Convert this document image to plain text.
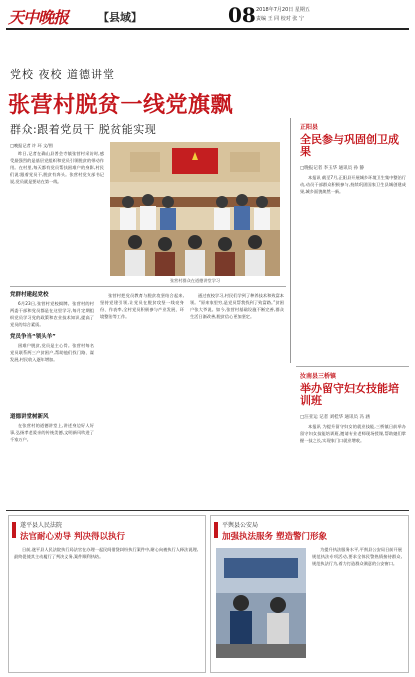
天中晚报	【县域】	08 2018年7月20日 星期五
责编 王 同 校对 张 宁
党校 夜校 道德讲堂
张营村脱贫一线党旗飘
群众:跟着党员干 脱贫能实现

□晚报记者 许 环 文/图

昨日,记者在确山县普会寺镇张营村采访时,感受最强烈的是基层党组织和党员引领脱贫的带动作用。在村里,每天都有党员帮扶困难户的身影,村民们说:跟着党员干,脱贫有奔头。张营村党支部书记说,党员就是要站在第一线。

张营村群众在道德讲堂学习
党群村建起党校

6月23日,张营村党校揭牌。张营村的村两委干部和党员都是在这里学习,每月定期组织党员学习党的政策和农业技术知识,提高了党员的综合素质。

党员争当“领头羊”

困难户脱贫,党员是主心骨。张营村每名党员联系两三户贫困户,帮助他们找门路、谋发展,村民收入逐年增加。

道德讲堂树新风

在张营村的道德讲堂上,讲述身边好人好事,弘扬孝老爱亲的传统美德,文明新风吹进了千家万户。

张营村把党员教育与脱贫攻坚结合起来,坚持党建引领,让党员在脱贫攻坚一线亮身份、作表率,全村党员积极参与产业发展、环境整治等工作。

通过夜校学习,村民们学到了种养技术和致富本领。“原来家里穷,是党员帮我找到了致富路。”贫困户张大爷说。如今,张营村基础设施不断完善,群众生活日渐改善,脱贫信心更加坚定。

正阳县
全民参与巩固创卫成果
□晚报记者 李玉华 通讯员 孙 静

本报讯 截至7月,正阳县开展城乡环境卫生集中整治行动,动员干部群众积极参与,持续巩固国家卫生县城创建成果,城乡面貌焕然一新。

汝南县三桥镇
举办留守妇女技能培训班
□汪亚运 记者 刘桂华 通讯员 冯 涵

本报讯 为提升留守妇女的就业技能,三桥镇日前举办留守妇女技能培训班,邀请专业老师现场授课,帮助她们掌握一技之长,实现家门口就业增收。

遂平县人民法院
法官耐心劝导 判决得以执行

日前,遂平县人民法院执行局法官在办理一起民间借贷纠纷执行案件中,耐心向被执行人释法说理,最终促使其主动履行了判决义务,案件顺利执结。

平舆县公安局
加强执法服务 塑造警门形象

为提升执法服务水平,平舆县公安局日前开展规范执法专项活动,要求全体民警热情接待群众,规范执法行为,着力打造群众满意的公安窗口。
